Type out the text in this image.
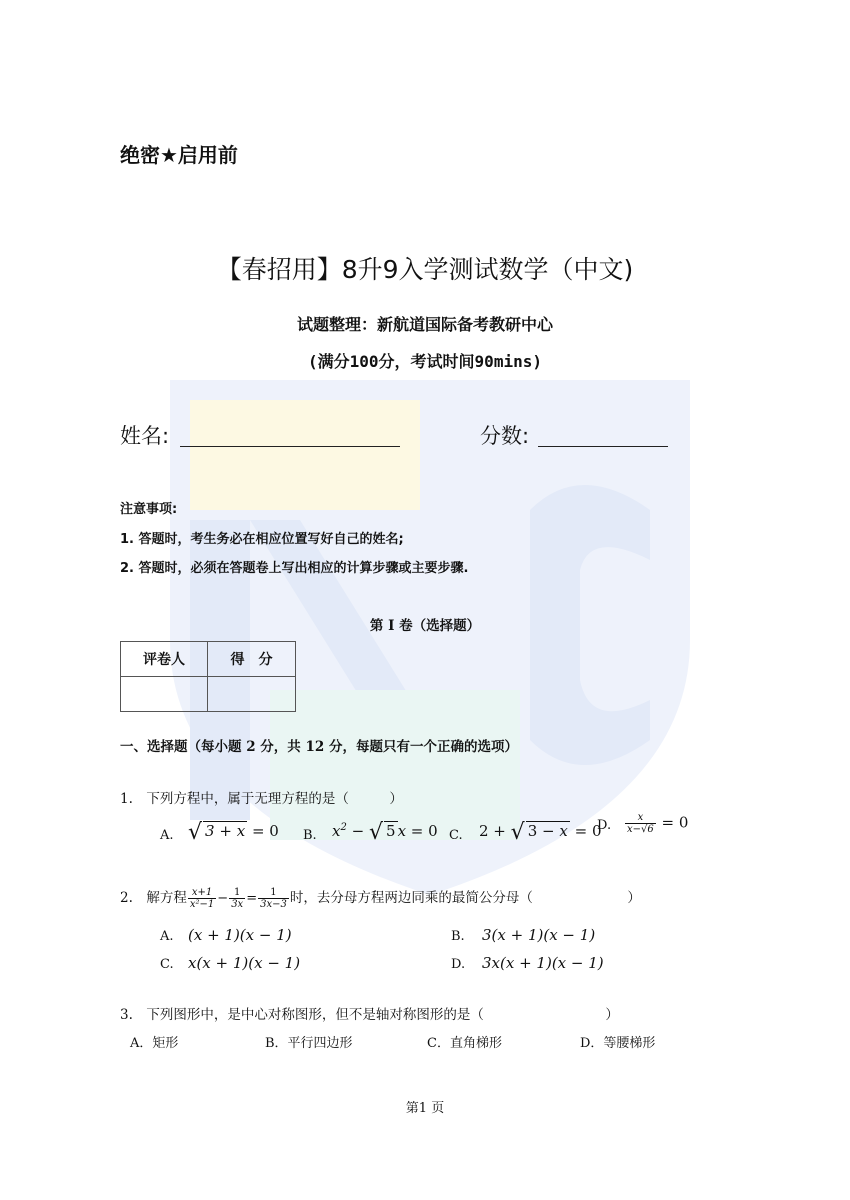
绝密★启用前
【春招用】8升9入学测试数学（中文)
试题整理：新航道国际备考教研中心
(满分100分，考试时间90mins)
姓名:	分数:
注意事项:
1. 答题时，考生务必在相应位置写好自己的姓名;
2. 答题时，必须在答题卷上写出相应的计算步骤或主要步骤.
第 I 卷（选择题）
评卷人	得　分

一、选择题（每小题 2 分，共 12 分，每题只有一个正确的选项）
1.　下列方程中，属于无理方程的是（　　　）
A. √ 3 + x = 0 B. $x^2$ − √ 5 x = 0 C. 2 + √ 3 − x = 0
D. $\frac{x}{x-√6} = 0$
2.　解方程 $\frac{x+1}{\text{x²−1}} - \frac{1}{3x} = \frac{1}{3x-3}$ 时，去分母方程两边同乘的最简公分母（　　　　　　　）
A. (x + 1)(x − 1)	B. 3(x + 1)(x − 1)
C. x(x + 1)(x − 1)	D. 3x(x + 1)(x − 1)
3.　下列图形中，是中心对称图形，但不是轴对称图形的是（　　　　　　　　　）
A．矩形	B．平行四边形	C．直角梯形	D．等腰梯形
第1 页
